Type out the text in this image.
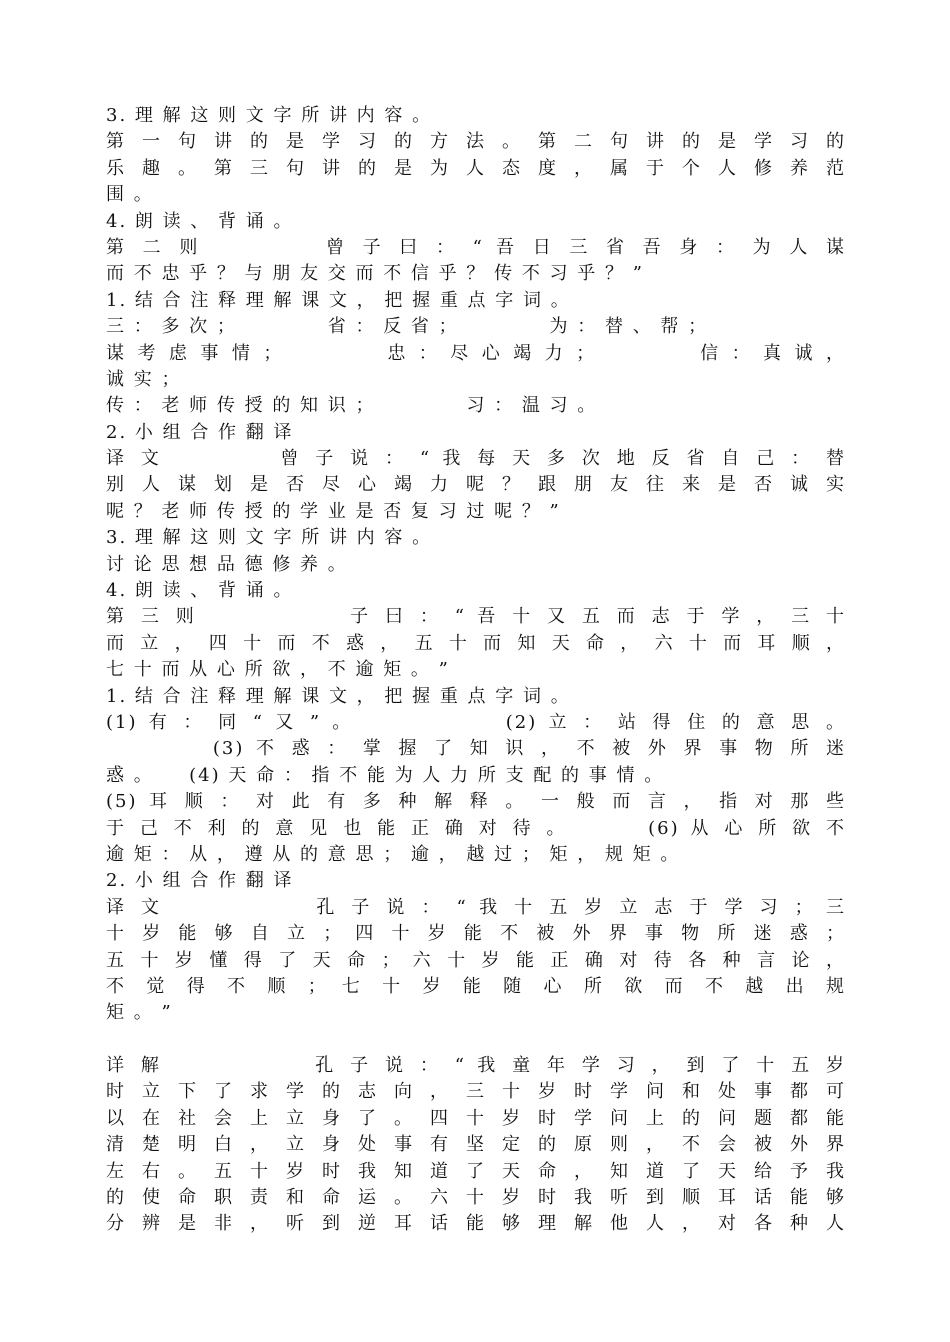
3. 理 解 这 则 文 字 所 讲 内 容 。
第 一 句 讲 的 是 学 习 的 方 法 。 第 二 句 讲 的 是 学 习 的
乐 趣 。 第 三 句 讲 的 是 为 人 态 度 ， 属 于 个 人 修 养 范
围 。
4. 朗 读 、 背 诵 。
第 二 则 　 　 　 曾 子 曰 ： “ 吾 日 三 省 吾 身 ： 为 人 谋
而 不 忠 乎 ？ 与 朋 友 交 而 不 信 乎 ？ 传 不 习 乎 ？ ”
1. 结 合 注 释 理 解 课 文 ， 把 握 重 点 字 词 。
三 ： 多 次 ； 　 　 　 省 ： 反 省 ； 　 　 　 为 ： 替 、 帮 ；
谋 考 虑 事 情 ； 　 　 　 忠 ： 尽 心 竭 力 ； 　 　 　 信 ： 真 诚 ，
诚 实 ；
传 ： 老 师 传 授 的 知 识 ； 　 　 　 习 ： 温 习 。
2. 小 组 合 作 翻 译
译 文 　 　 　 曾 子 说 ： “ 我 每 天 多 次 地 反 省 自 己 ： 替
别 人 谋 划 是 否 尽 心 竭 力 呢 ？ 跟 朋 友 往 来 是 否 诚 实
呢 ？ 老 师 传 授 的 学 业 是 否 复 习 过 呢 ？ ”
3. 理 解 这 则 文 字 所 讲 内 容 。
讨 论 思 想 品 德 修 养 。
4. 朗 读 、 背 诵 。
第 三 则 　 　 　 　 子 曰 ： “ 吾 十 又 五 而 志 于 学 ， 三 十
而 立 ， 四 十 而 不 惑 ， 五 十 而 知 天 命 ， 六 十 而 耳 顺 ，
七 十 而 从 心 所 欲 ， 不 逾 矩 。 ”
1. 结 合 注 释 理 解 课 文 ， 把 握 重 点 字 词 。
(1) 有 ： 同 “ 又 ” 。 　 　 　 　 (2) 立 ： 站 得 住 的 意 思 。
　 　 　 (3) 不 惑 ： 掌 握 了 知 识 ， 不 被 外 界 事 物 所 迷
惑 。 　 (4) 天 命 ： 指 不 能 为 人 力 所 支 配 的 事 情 。
(5) 耳 顺 ： 对 此 有 多 种 解 释 。 一 般 而 言 ， 指 对 那 些
于 己 不 利 的 意 见 也 能 正 确 对 待 。 　 　 (6) 从 心 所 欲 不
逾 矩 ： 从 ， 遵 从 的 意 思 ； 逾 ， 越 过 ； 矩 ， 规 矩 。
2. 小 组 合 作 翻 译
译 文 　 　 　 　 孔 子 说 ： “ 我 十 五 岁 立 志 于 学 习 ； 三
十 岁 能 够 自 立 ； 四 十 岁 能 不 被 外 界 事 物 所 迷 惑 ；
五 十 岁 懂 得 了 天 命 ； 六 十 岁 能 正 确 对 待 各 种 言 论 ，
不 觉 得 不 顺 ； 七 十 岁 能 随 心 所 欲 而 不 越 出 规
矩 。 ”

详 解 　 　 　 　 孔 子 说 ： “ 我 童 年 学 习 ， 到 了 十 五 岁
时 立 下 了 求 学 的 志 向 ， 三 十 岁 时 学 问 和 处 事 都 可
以 在 社 会 上 立 身 了 。 四 十 岁 时 学 问 上 的 问 题 都 能
清 楚 明 白 ， 立 身 处 事 有 坚 定 的 原 则 ， 不 会 被 外 界
左 右 。 五 十 岁 时 我 知 道 了 天 命 ， 知 道 了 天 给 予 我
的 使 命 职 责 和 命 运 。 六 十 岁 时 我 听 到 顺 耳 话 能 够
分 辨 是 非 ， 听 到 逆 耳 话 能 够 理 解 他 人 ， 对 各 种 人
